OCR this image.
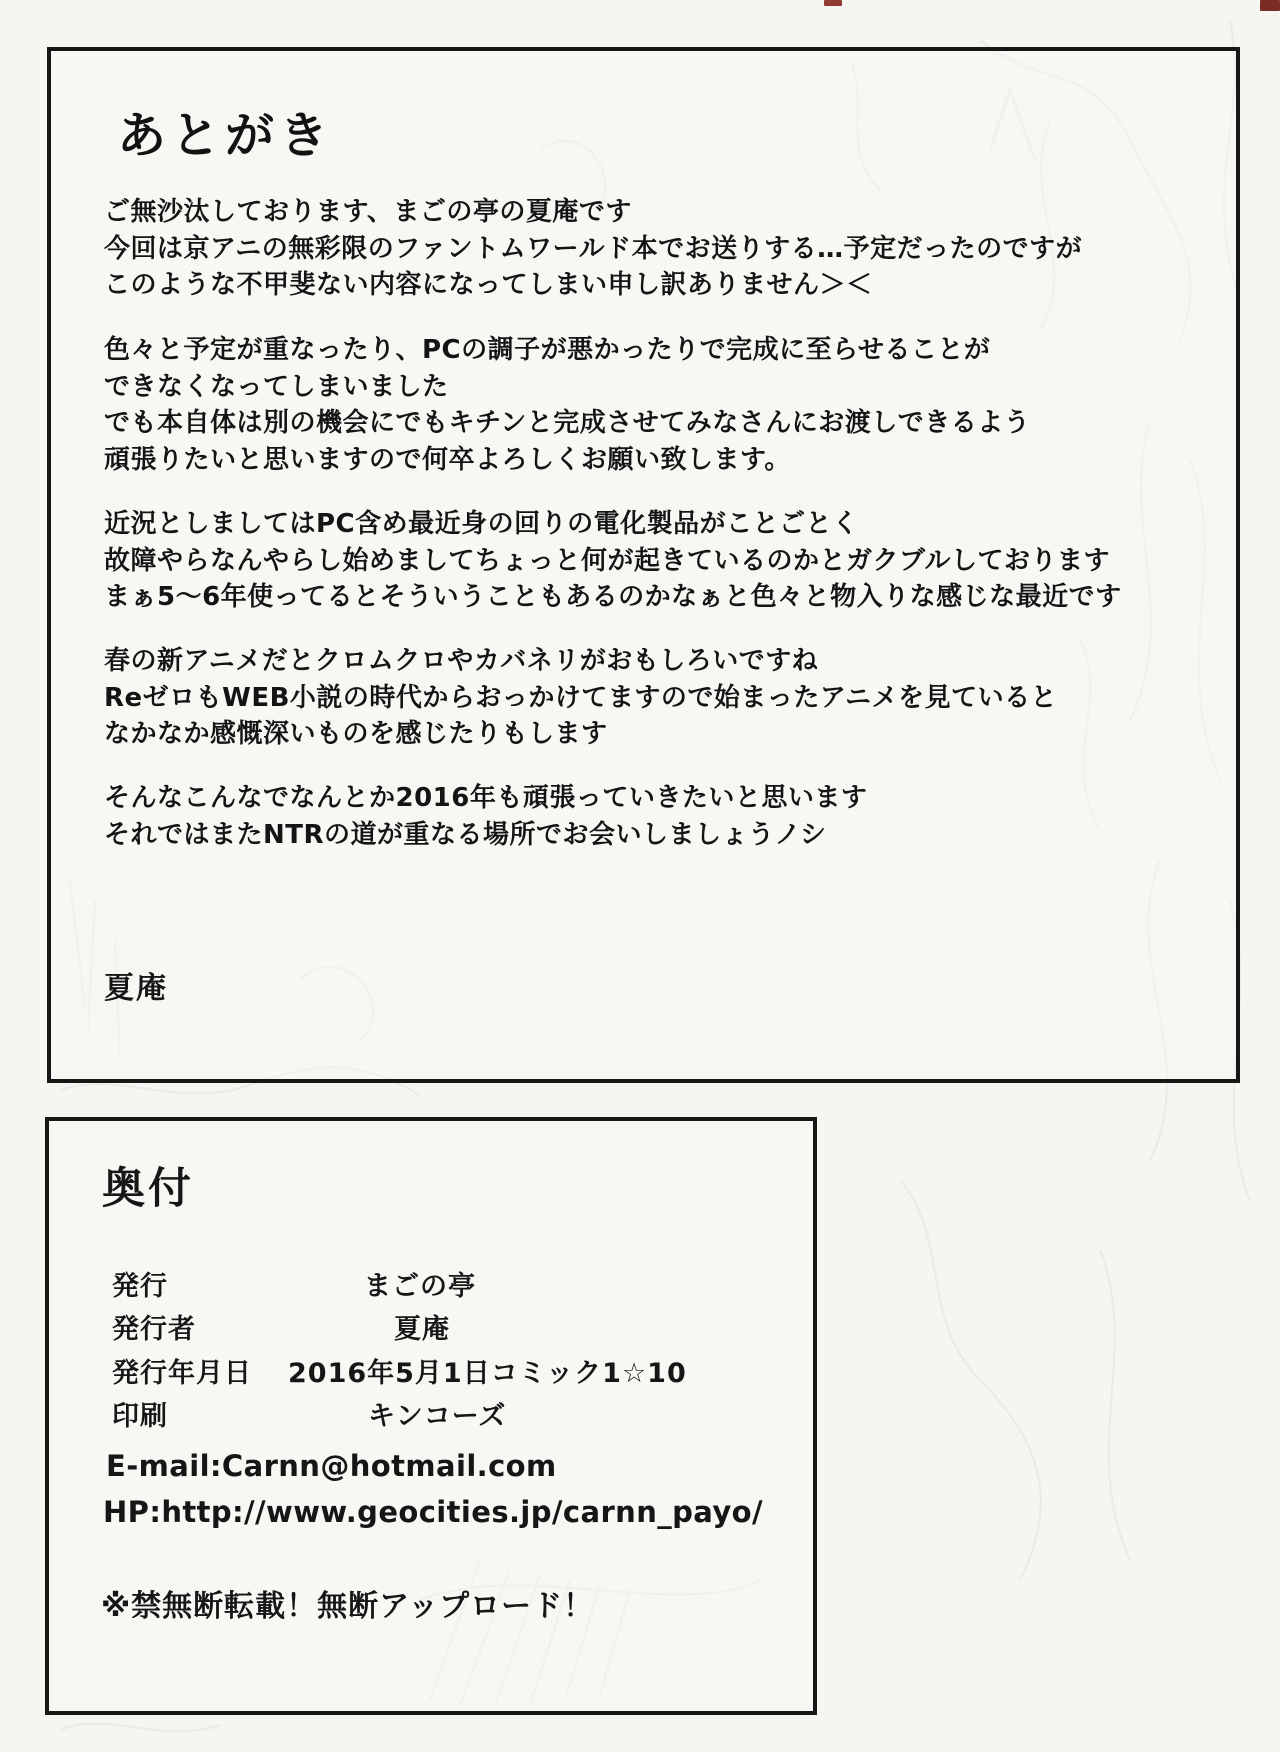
あとがき
ご無沙汰しております、まごの亭の夏庵です
今回は京アニの無彩限のファントムワールド本でお送りする…予定だったのですが
このような不甲斐ない内容になってしまい申し訳ありません＞＜
色々と予定が重なったり、PCの調子が悪かったりで完成に至らせることが
できなくなってしまいました
でも本自体は別の機会にでもキチンと完成させてみなさんにお渡しできるよう
頑張りたいと思いますので何卒よろしくお願い致します。
近況としましてはPC含め最近身の回りの電化製品がことごとく
故障やらなんやらし始めましてちょっと何が起きているのかとガクブルしております
まぁ5～6年使ってるとそういうこともあるのかなぁと色々と物入りな感じな最近です
春の新アニメだとクロムクロやカバネリがおもしろいですね
ReゼロもWEB小説の時代からおっかけてますので始まったアニメを見ていると
なかなか感慨深いものを感じたりもします
そんなこんなでなんとか2016年も頑張っていきたいと思います
それではまたNTRの道が重なる場所でお会いしましょうノシ
夏庵
奥付
発行	まごの亭
発行者	夏庵
発行年月日 2016年5月1日コミック1☆10
印刷	キンコーズ
E-mail:Carnn@hotmail.com
HP:http://www.geocities.jp/carnn_payo/
※禁無断転載！無断アップロード！
